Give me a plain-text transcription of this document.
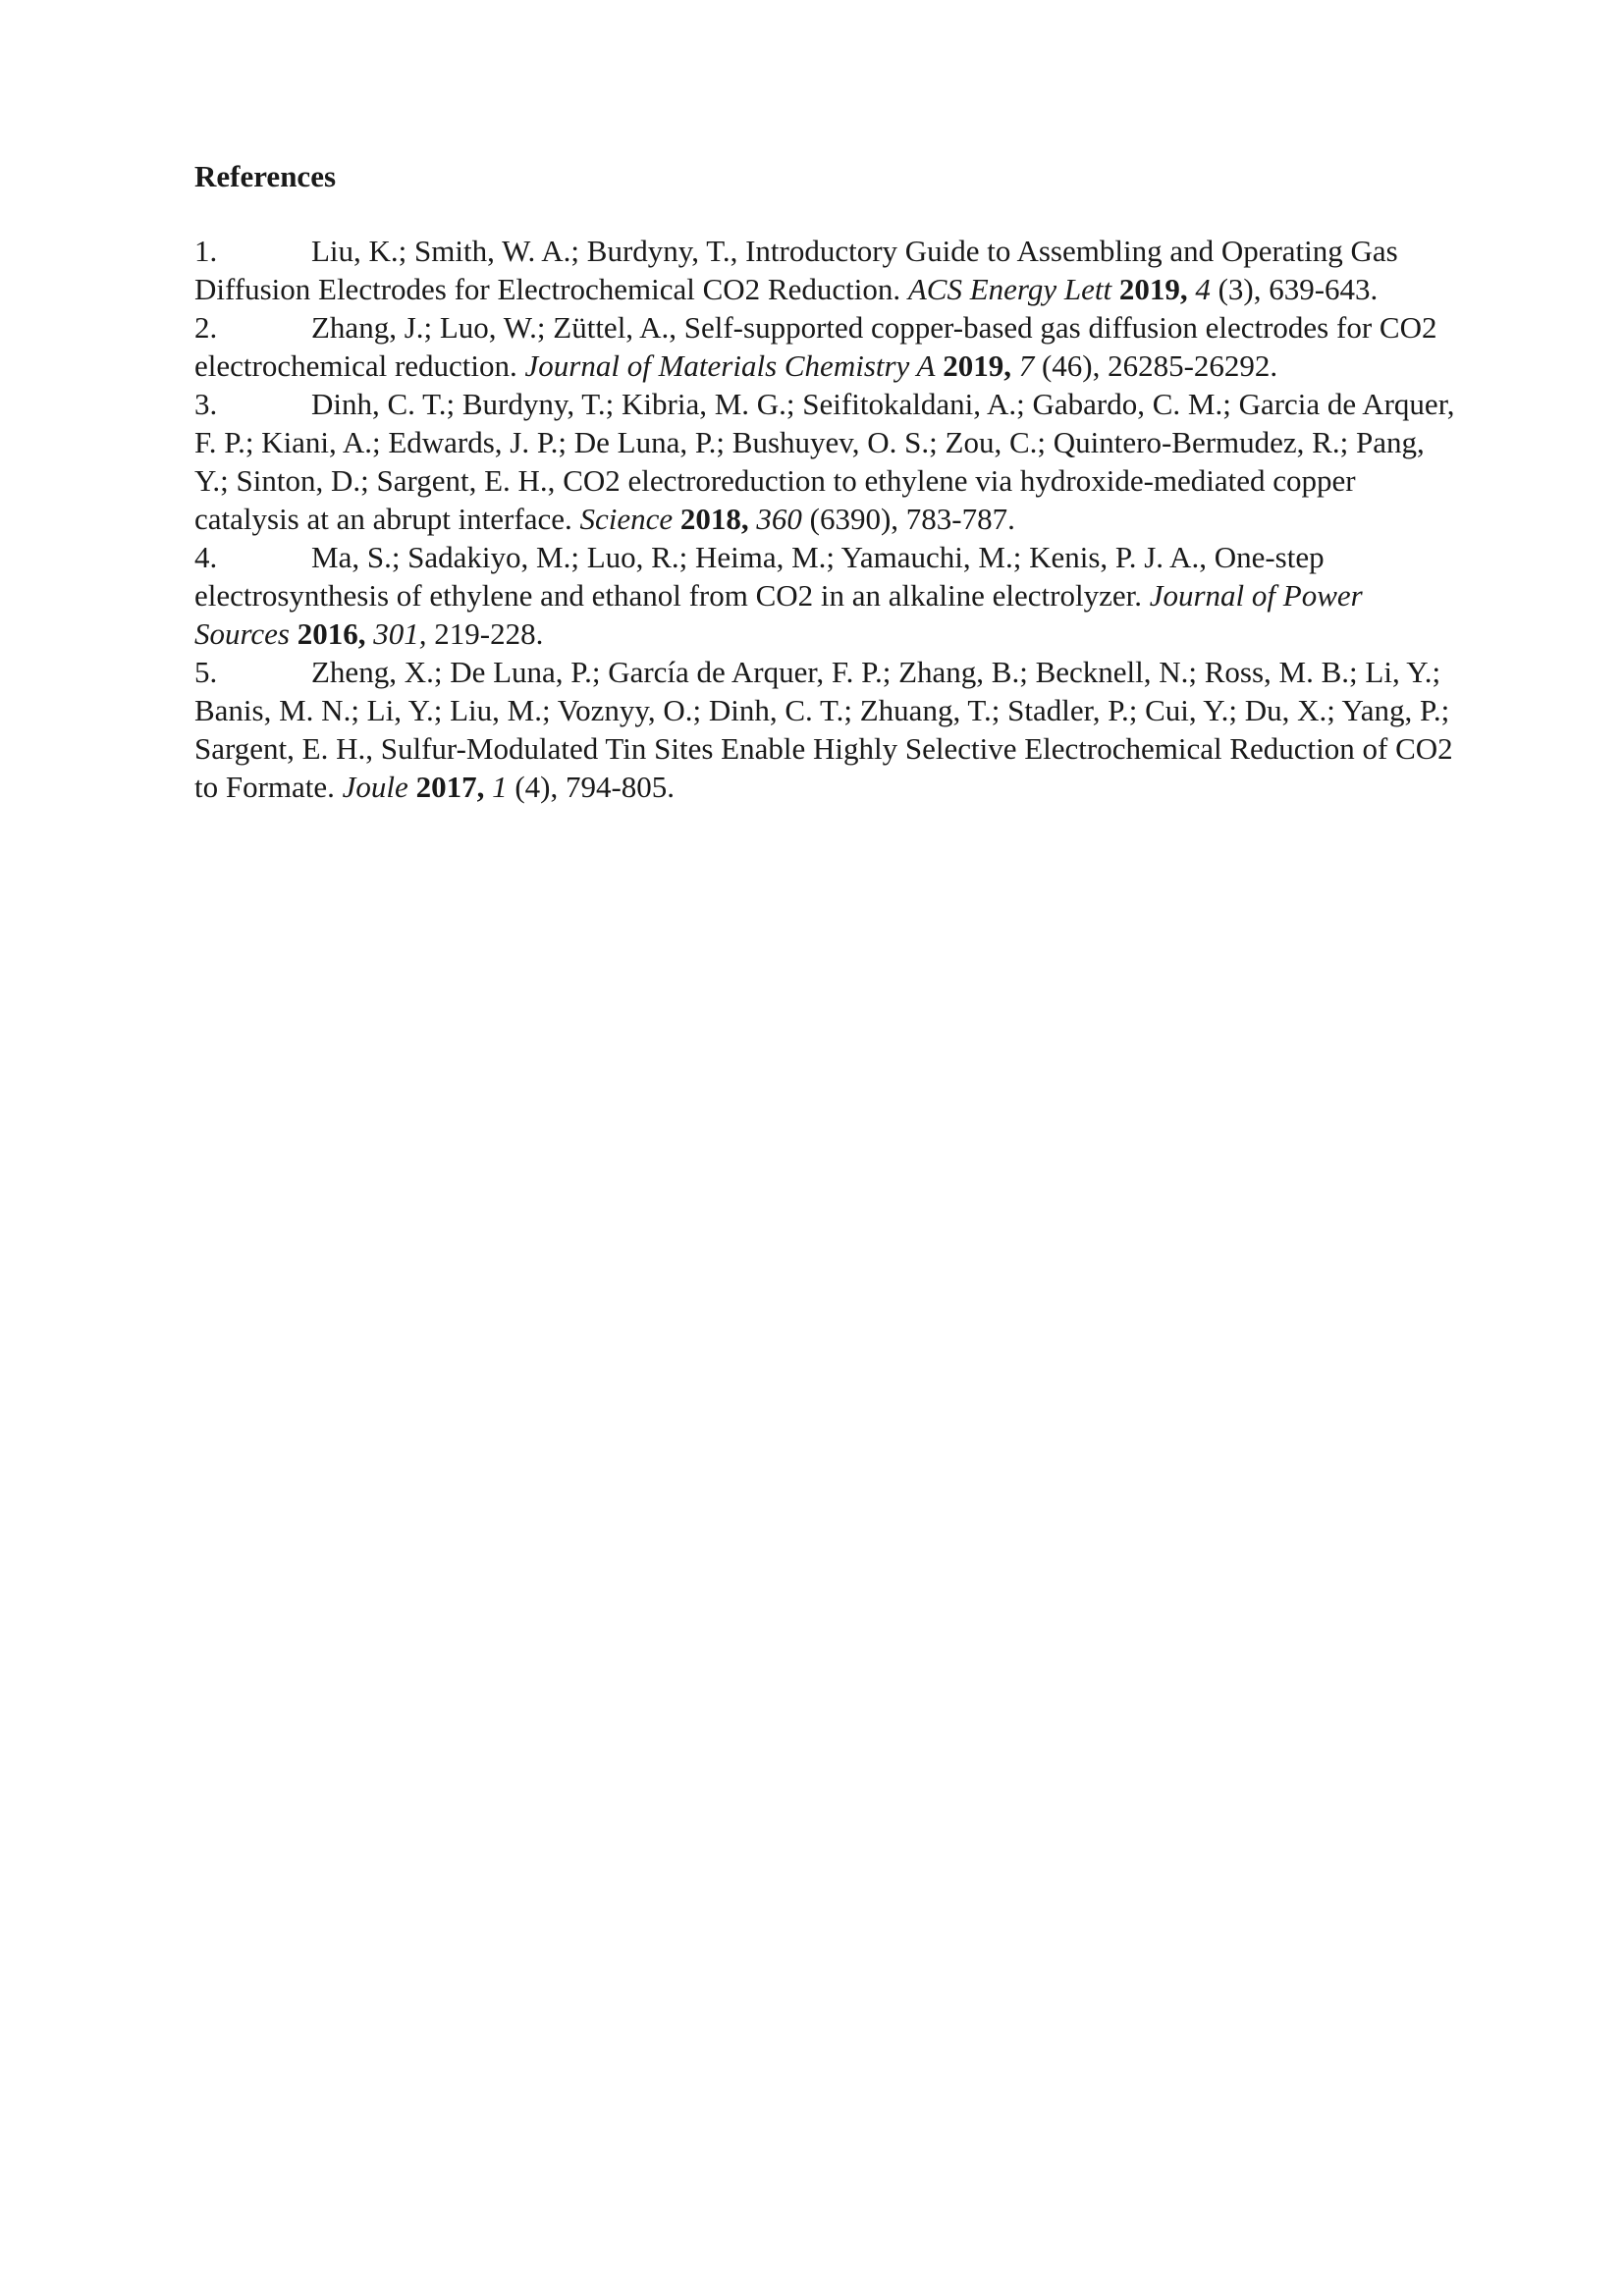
References

1.	Liu, K.; Smith, W. A.; Burdyny, T., Introductory Guide to Assembling and Operating Gas Diffusion Electrodes for Electrochemical CO2 Reduction. ACS Energy Lett 2019, 4 (3), 639-643.

2.	Zhang, J.; Luo, W.; Züttel, A., Self-supported copper-based gas diffusion electrodes for CO2 electrochemical reduction. Journal of Materials Chemistry A 2019, 7 (46), 26285-26292.

3.	Dinh, C. T.; Burdyny, T.; Kibria, M. G.; Seifitokaldani, A.; Gabardo, C. M.; Garcia de Arquer, F. P.; Kiani, A.; Edwards, J. P.; De Luna, P.; Bushuyev, O. S.; Zou, C.; Quintero-Bermudez, R.; Pang, Y.; Sinton, D.; Sargent, E. H., CO2 electroreduction to ethylene via hydroxide-mediated copper catalysis at an abrupt interface. Science 2018, 360 (6390), 783-787.

4.	Ma, S.; Sadakiyo, M.; Luo, R.; Heima, M.; Yamauchi, M.; Kenis, P. J. A., One-step electrosynthesis of ethylene and ethanol from CO2 in an alkaline electrolyzer. Journal of Power Sources 2016, 301, 219-228.

5.	Zheng, X.; De Luna, P.; García de Arquer, F. P.; Zhang, B.; Becknell, N.; Ross, M. B.; Li, Y.; Banis, M. N.; Li, Y.; Liu, M.; Voznyy, O.; Dinh, C. T.; Zhuang, T.; Stadler, P.; Cui, Y.; Du, X.; Yang, P.; Sargent, E. H., Sulfur-Modulated Tin Sites Enable Highly Selective Electrochemical Reduction of CO2 to Formate. Joule 2017, 1 (4), 794-805.
